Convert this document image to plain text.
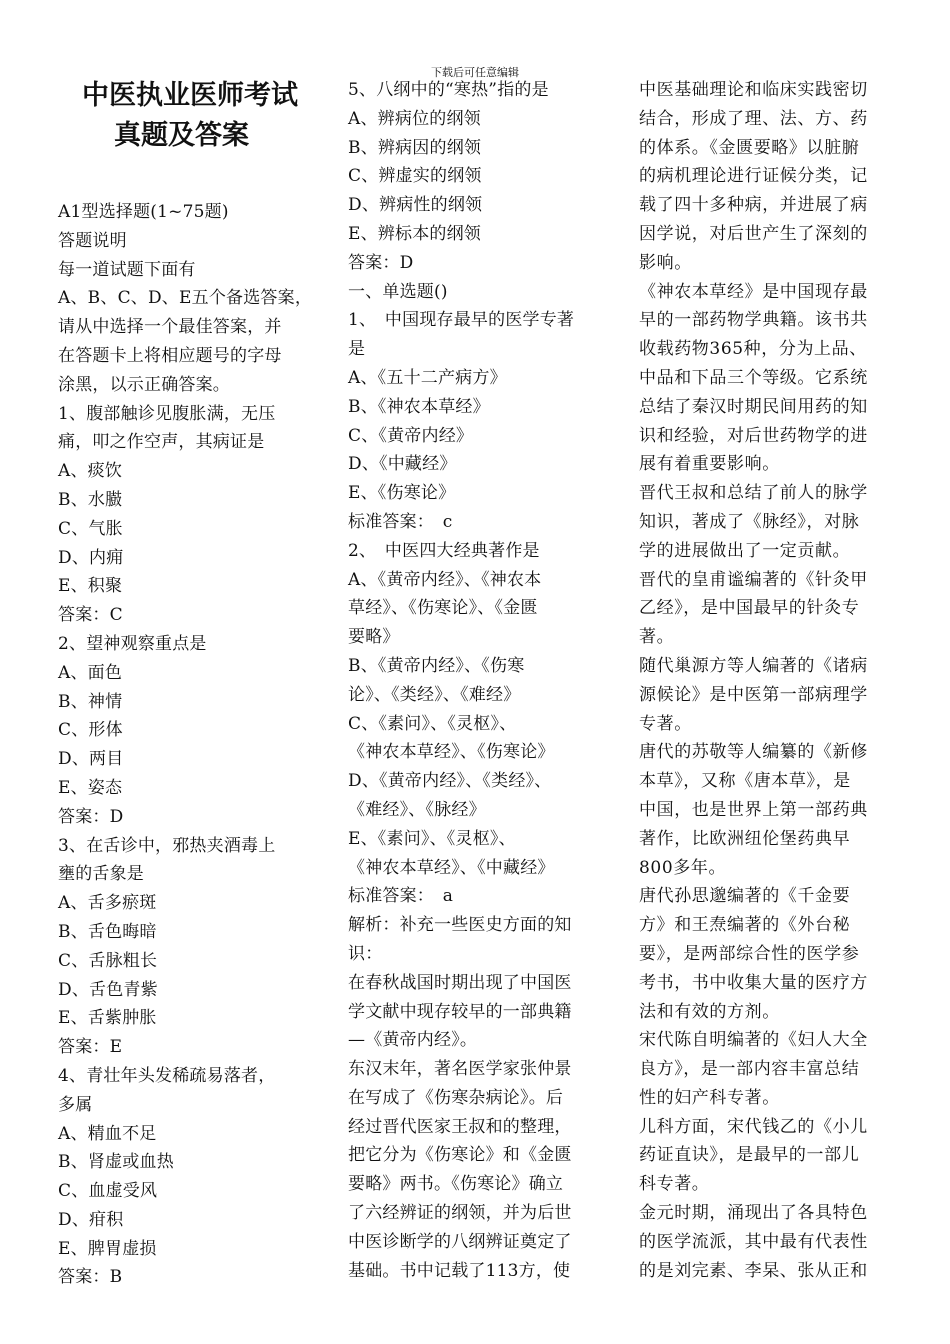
下载后可任意编辑
中医执业医师考试
真题及答案
A1型选择题(1~75题)
答题说明
每一道试题下面有
A、B、C、D、E五个备选答案，
请从中选择一个最佳答案，并
在答题卡上将相应题号的字母
涂黑，以示正确答案。
1、腹部触诊见腹胀满，无压
痛，叩之作空声，其病证是
A、痰饮
B、水臌
C、气胀
D、内痈
E、积聚
答案：C
2、望神观察重点是
A、面色
B、神情
C、形体
D、两目
E、姿态
答案：D
3、在舌诊中，邪热夹酒毒上
壅的舌象是
A、舌多瘀斑
B、舌色晦暗
C、舌脉粗长
D、舌色青紫
E、舌紫肿胀
答案：E
4、青壮年头发稀疏易落者，
多属
A、精血不足
B、肾虚或血热
C、血虚受风
D、疳积
E、脾胃虚损
答案：B
5、八纲中的“寒热”指的是
A、辨病位的纲领
B、辨病因的纲领
C、辨虚实的纲领
D、辨病性的纲领
E、辨标本的纲领
答案：D
一、单选题()
1、　中国现存最早的医学专著
是
A、《五十二产病方》
B、《神农本草经》
C、《黄帝内经》
D、《中藏经》
E、《伤寒论》
标准答案：　c
2、　中医四大经典著作是
A、《黄帝内经》、《神农本
草经》、《伤寒论》、《金匮
要略》
B、《黄帝内经》、《伤寒
论》、《类经》、《难经》
C、《素问》、《灵枢》、
《神农本草经》、《伤寒论》
D、《黄帝内经》、《类经》、
《难经》、《脉经》
E、《素问》、《灵枢》、
《神农本草经》、《中藏经》
标准答案：　a
解析：补充一些医史方面的知
识：
在春秋战国时期出现了中国医
学文献中现存较早的一部典籍
—《黄帝内经》。
东汉末年，著名医学家张仲景
在写成了《伤寒杂病论》。后
经过晋代医家王叔和的整理，
把它分为《伤寒论》和《金匮
要略》两书。《伤寒论》确立
了六经辨证的纲领，并为后世
中医诊断学的八纲辨证奠定了
基础。书中记载了113方，使
中医基础理论和临床实践密切
结合，形成了理、法、方、药
的体系。《金匮要略》以脏腑
的病机理论进行证候分类，记
载了四十多种病，并进展了病
因学说，对后世产生了深刻的
影响。
《神农本草经》是中国现存最
早的一部药物学典籍。该书共
收载药物365种，分为上品、
中品和下品三个等级。它系统
总结了秦汉时期民间用药的知
识和经验，对后世药物学的进
展有着重要影响。
晋代王叔和总结了前人的脉学
知识，著成了《脉经》，对脉
学的进展做出了一定贡献。
晋代的皇甫谧编著的《针灸甲
乙经》，是中国最早的针灸专
著。
随代巢源方等人编著的《诸病
源候论》是中医第一部病理学
专著。
唐代的苏敬等人编纂的《新修
本草》，又称《唐本草》，是
中国，也是世界上第一部药典
著作，比欧洲纽伦堡药典早
800多年。
唐代孙思邈编著的《千金要
方》和王焘编著的《外台秘
要》，是两部综合性的医学参
考书，书中收集大量的医疗方
法和有效的方剂。
宋代陈自明编著的《妇人大全
良方》，是一部内容丰富总结
性的妇产科专著。
儿科方面，宋代钱乙的《小儿
药证直诀》，是最早的一部儿
科专著。
金元时期，涌现出了各具特色
的医学流派，其中最有代表性
的是刘完素、李杲、张从正和
